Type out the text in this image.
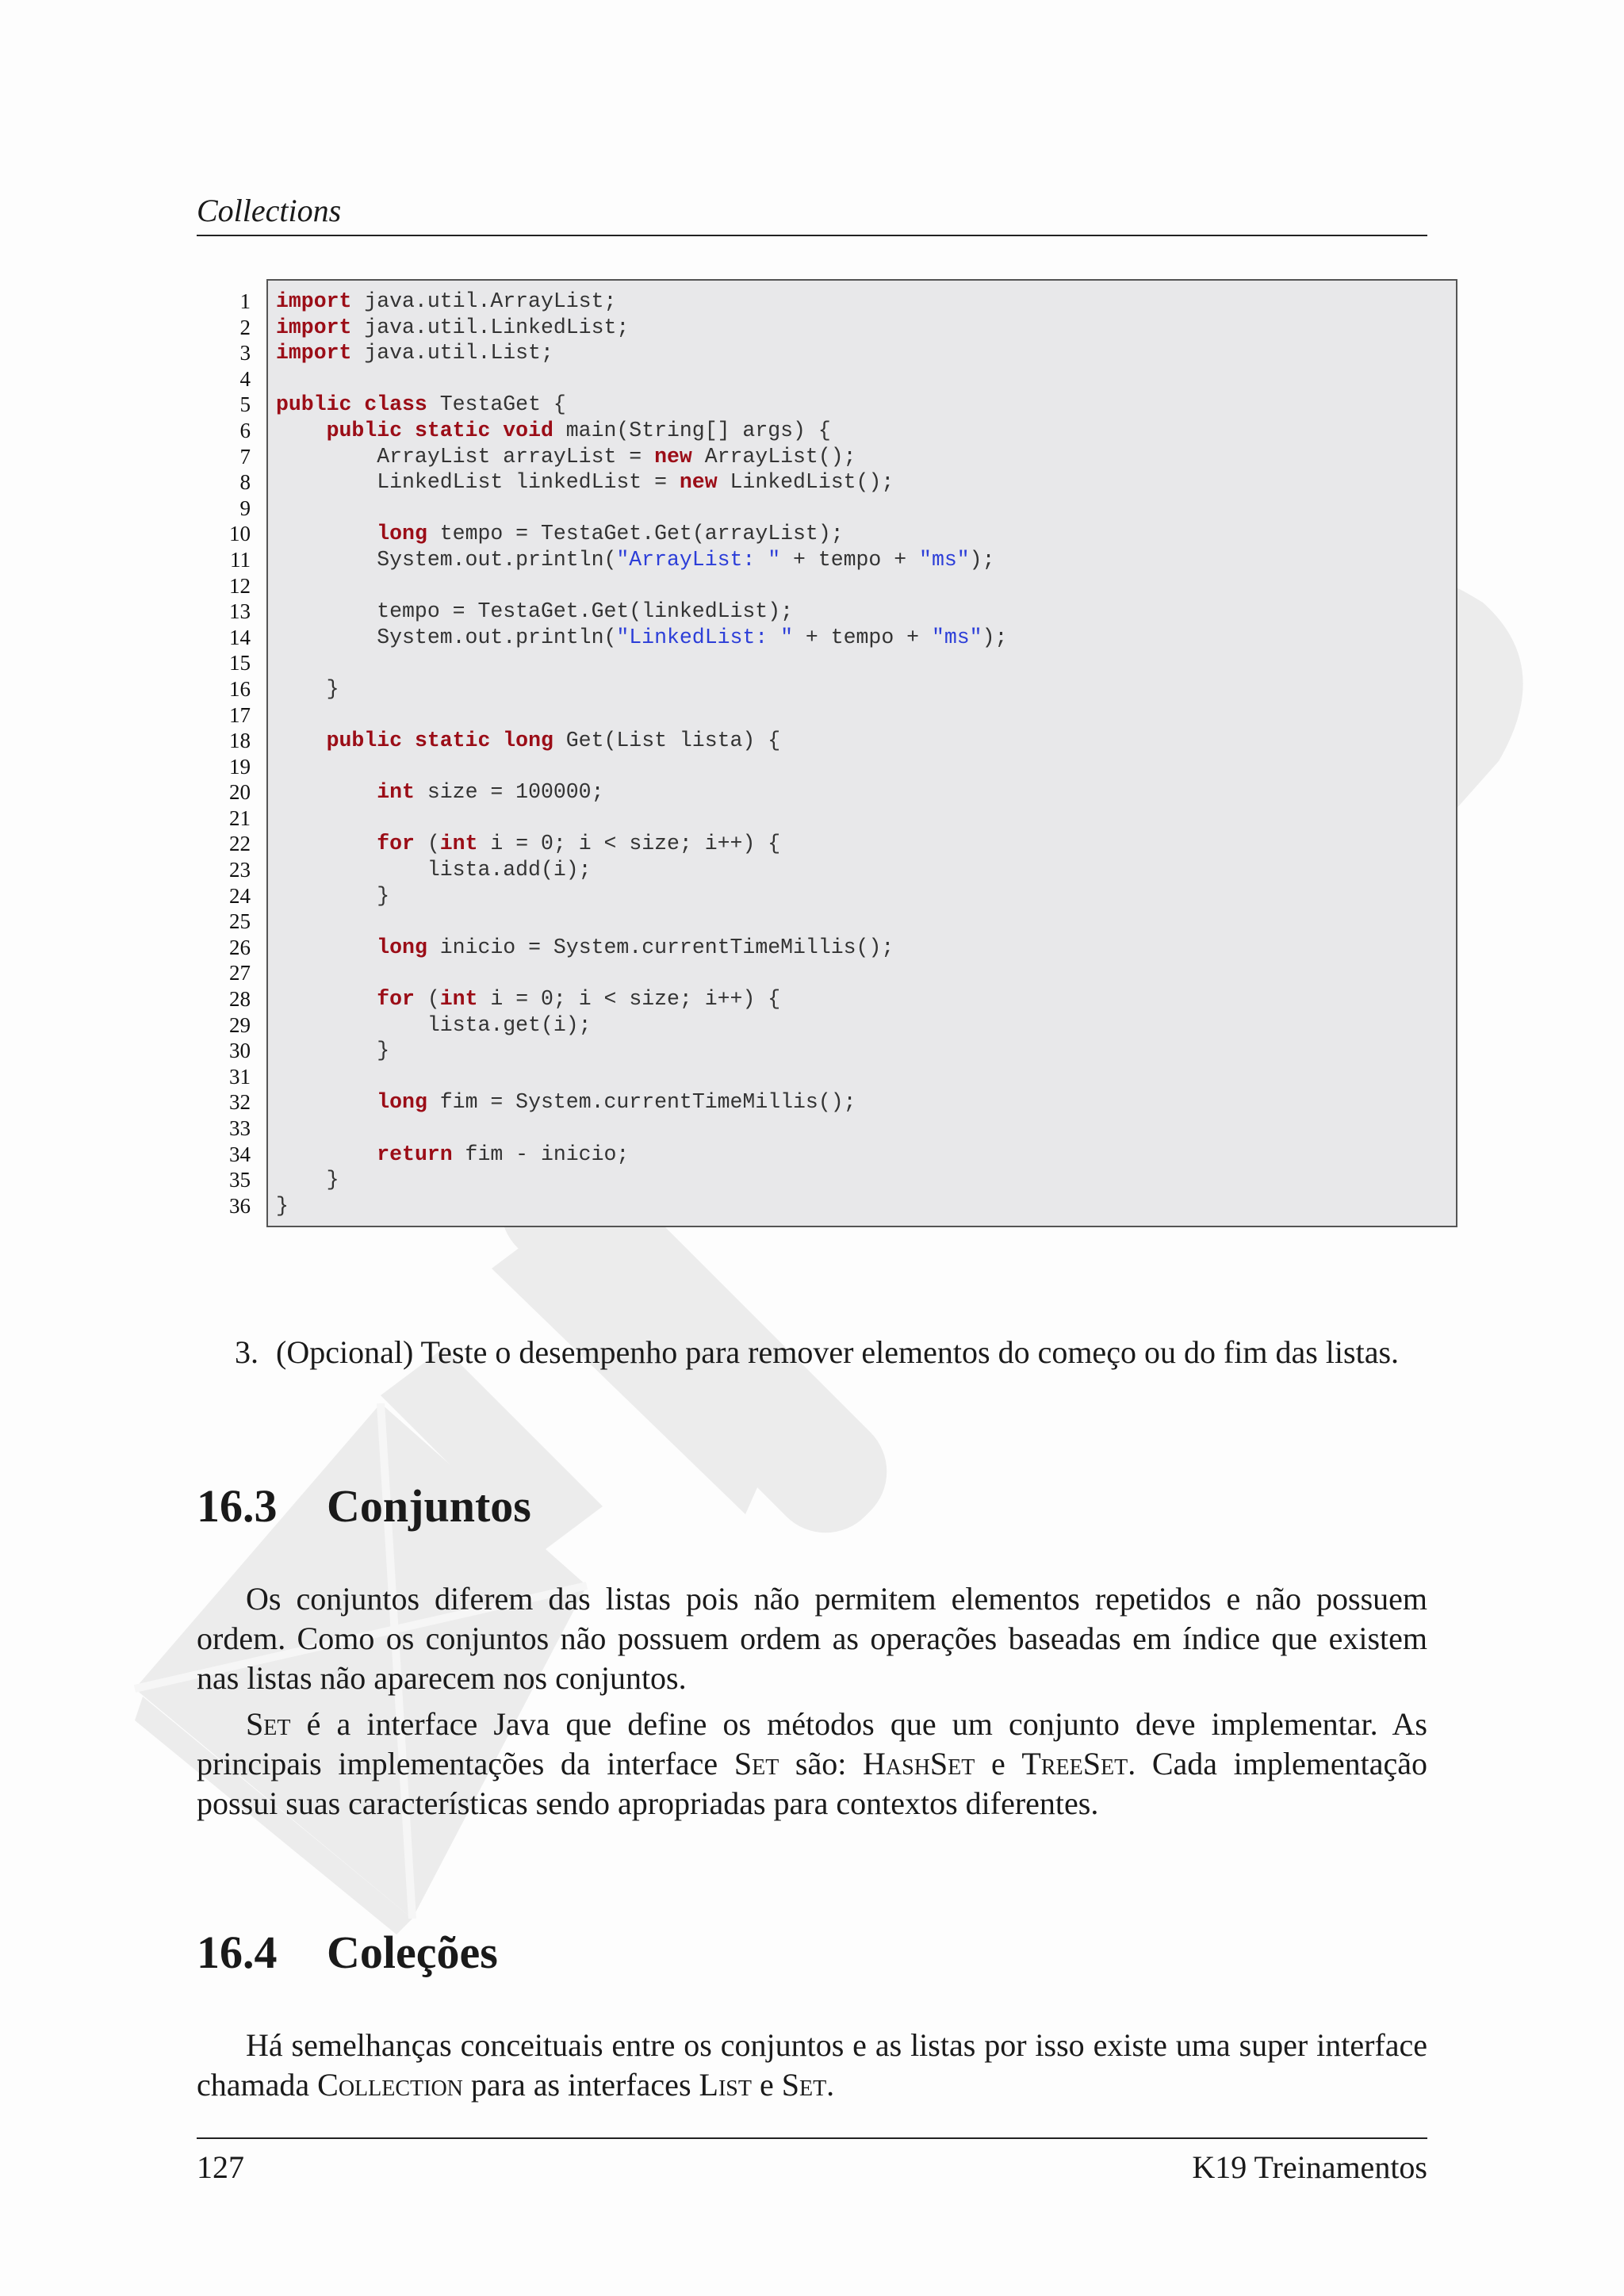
Collections
1
2
3
4
5
6
7
8
9
10
11
12
13
14
15
16
17
18
19
20
21
22
23
24
25
26
27
28
29
30
31
32
33
34
35
36
import java.util.ArrayList;
import java.util.LinkedList;
import java.util.List;

public class TestaGet {
public static void main(String[] args) {
ArrayList arrayList = new ArrayList();
LinkedList linkedList = new LinkedList();

long tempo = TestaGet.Get(arrayList);
System.out.println("ArrayList: " + tempo + "ms");

tempo = TestaGet.Get(linkedList);
System.out.println("LinkedList: " + tempo + "ms");

}

public static long Get(List lista) {

int size = 100000;

for (int i = 0; i < size; i++) {
lista.add(i);
}

long inicio = System.currentTimeMillis();

for (int i = 0; i < size; i++) {
lista.get(i);
}

long fim = System.currentTimeMillis();

return fim - inicio;
}
}
3. (Opcional) Teste o desempenho para remover elementos do começo ou do fim das listas.
16.3 Conjuntos
Os conjuntos diferem das listas pois não permitem elementos repetidos e não possuem ordem. Como os conjuntos não possuem ordem as operações baseadas em índice que existem nas listas não aparecem nos conjuntos.
Set é a interface Java que define os métodos que um conjunto deve implementar. As principais implementações da interface Set são: HashSet e TreeSet. Cada implementação possui suas características sendo apropriadas para contextos diferentes.
16.4 Coleções
Há semelhanças conceituais entre os conjuntos e as listas por isso existe uma super interface chamada Collection para as interfaces List e Set.
127	K19 Treinamentos
